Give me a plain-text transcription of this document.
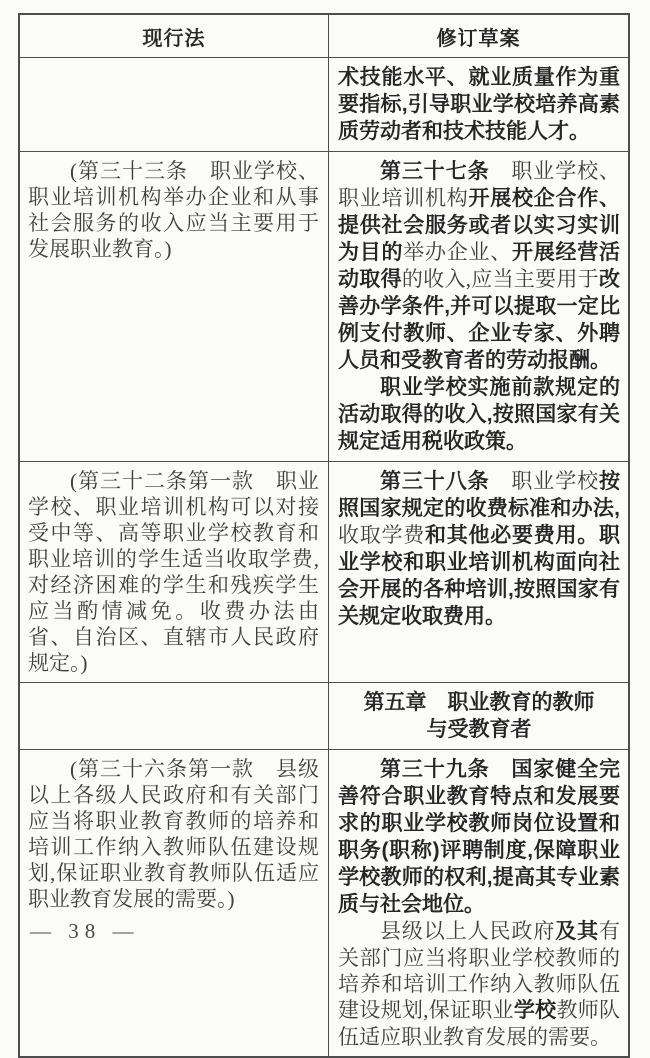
现行法	修订草案

术技能水平、就业质量作为重要指标,引导职业学校培养高素质劳动者和技术技能人才。

(第三十三条　职业学校、职业培训机构举办企业和从事社会服务的收入应当主要用于发展职业教育。)

第三十七条　职业学校、职业培训机构开展校企合作、提供社会服务或者以实习实训为目的举办企业、开展经营活动取得的收入,应当主要用于改善办学条件,并可以提取一定比例支付教师、企业专家、外聘人员和受教育者的劳动报酬。

职业学校实施前款规定的活动取得的收入,按照国家有关规定适用税收政策。

(第三十二条第一款　职业学校、职业培训机构可以对接受中等、高等职业学校教育和职业培训的学生适当收取学费,对经济困难的学生和残疾学生应当酌情减免。收费办法由省、自治区、直辖市人民政府规定。)

第三十八条　职业学校按照国家规定的收费标准和办法,收取学费和其他必要费用。职业学校和职业培训机构面向社会开展的各种培训,按照国家有关规定收取费用。

第五章　职业教育的教师

与受教育者

(第三十六条第一款　县级以上各级人民政府和有关部门应当将职业教育教师的培养和培训工作纳入教师队伍建设规划,保证职业教育教师队伍适应职业教育发展的需要。)

第三十九条　国家健全完善符合职业教育特点和发展要求的职业学校教师岗位设置和职务(职称)评聘制度,保障职业学校教师的权利,提高其专业素质与社会地位。

县级以上人民政府及其有关部门应当将职业学校教师的培养和培训工作纳入教师队伍建设规划,保证职业学校教师队伍适应职业教育发展的需要。

— 38 —
